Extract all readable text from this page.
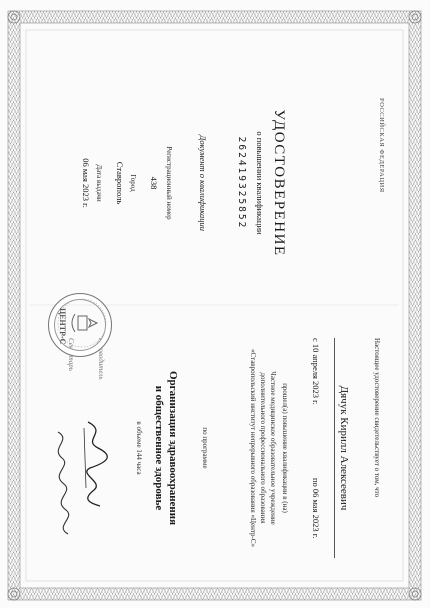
РОССИЙСКАЯ ФЕДЕРАЦИЯ
УДОСТОВЕРЕНИЕ
о повышении квалификации
262419325852
Документ о квалификации
Регистрационный номер
438
Город
Ставрополь
Дата выдачи
06 мая 2023 г.
Настоящее удостоверение свидетельствует о том, что
Дячук Кирилл Алексеевич
с 10 апреля 2023 г.
по 06 мая 2023 г.
прошел(а) повышение квалификации в (на)
Частное медицинское образовательное учреждение
дополнительного профессионального образования
«Ставропольский институт непрерывного образования «Центр-С»
по программе
Организация здравоохранения
и общественное здоровье
в объеме 144 часа
Руководитель
Секретарь
ЦЕНТР-С
